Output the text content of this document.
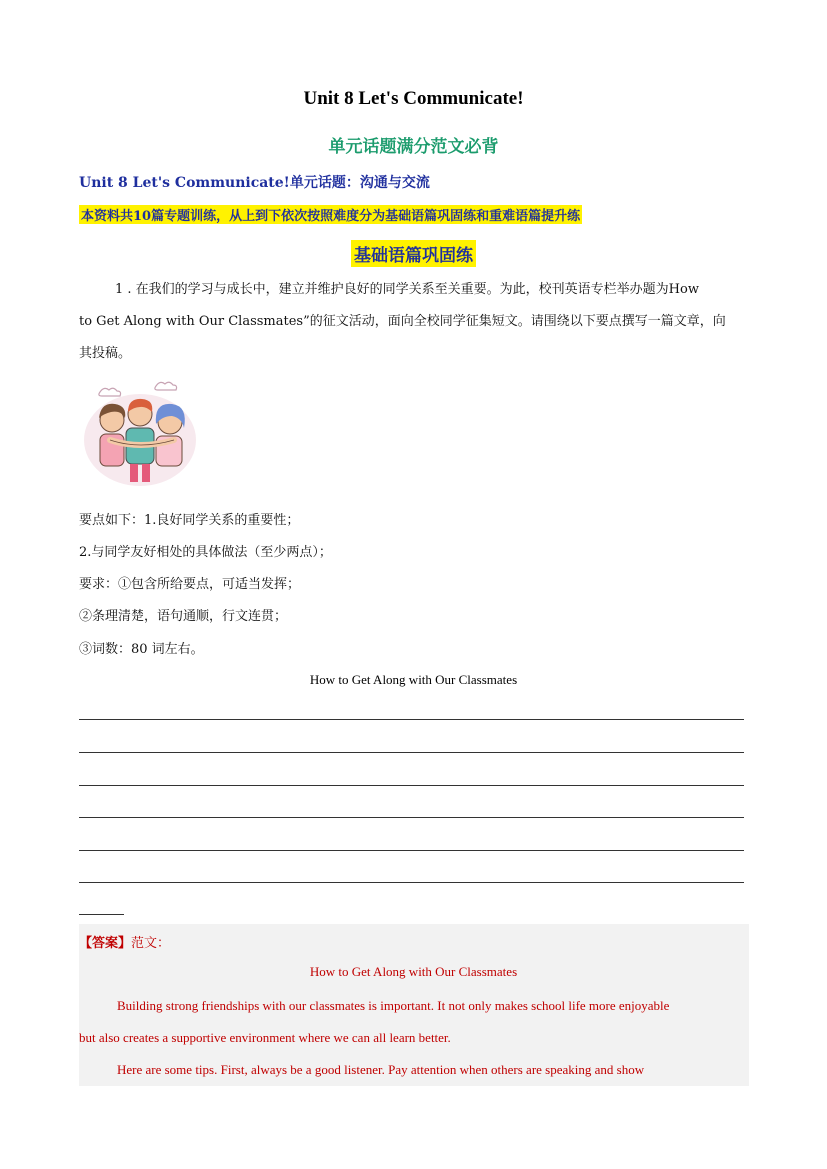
Unit 8 Let's Communicate!
单元话题满分范文必背
Unit 8 Let's Communicate!单元话题：沟通与交流
本资料共10篇专题训练，从上到下依次按照难度分为基础语篇巩固练和重难语篇提升练
基础语篇巩固练
1 . 在我们的学习与成长中，建立并维护良好的同学关系至关重要。为此，校刊英语专栏举办题为How
to Get Along with Our Classmates”的征文活动，面向全校同学征集短文。请围绕以下要点撰写一篇文章，向
其投稿。
要点如下：1.良好同学关系的重要性；
2.与同学友好相处的具体做法（至少两点）；
要求：①包含所给要点，可适当发挥；
②条理清楚，语句通顺，行文连贯；
③词数：80 词左右。
How to Get Along with Our Classmates
【答案】范文：
How to Get Along with Our Classmates
Building strong friendships with our classmates is important. It not only makes school life more enjoyable
but also creates a supportive environment where we can all learn better.
Here are some tips. First, always be a good listener. Pay attention when others are speaking and show
